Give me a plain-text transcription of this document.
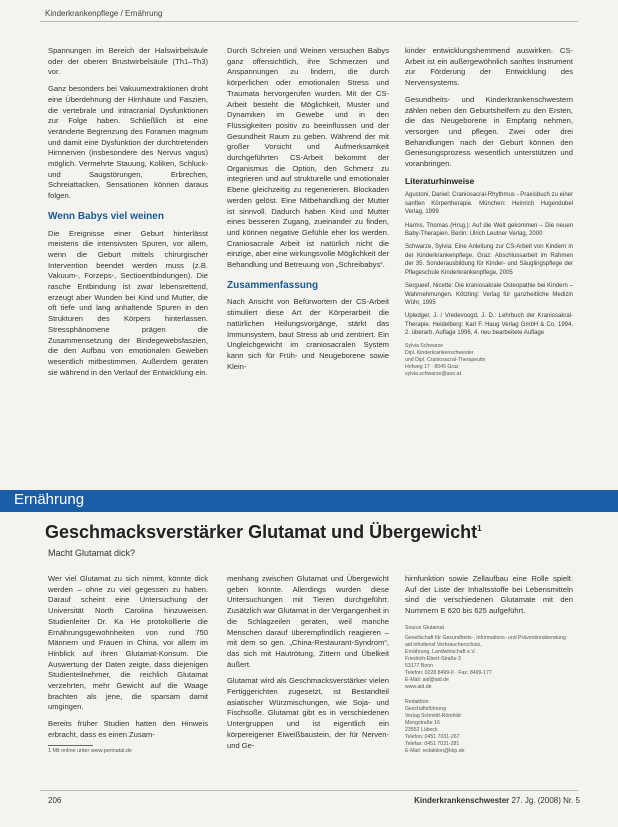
Kinderkrankenpflege / Ernährung

Spannungen im Bereich der Halswirbelsäule oder der oberen Brustwirbelsäule (Th1–Th3) vor.

Ganz besonders bei Vakuumextraktionen droht eine Überdehnung der Hirnhäute und Faszien, die vertebrale und intracranial Dysfunktionen zur Folge haben. Schließlich ist eine veränderte Begrenzung des Foramen magnum und damit eine Dysfunktion der durchtretenden Hirnnerven (insbesondere des Nervus vagus) möglich. Vermehrte Stauung, Koliken, Schluck- und Saugstörungen, Erbrechen, Schreiattacken, Sensationen können daraus folgen.

Wenn Babys viel weinen

Die Ereignisse einer Geburt hinterlässt meistens die intensivsten Spuren, vor allem, wenn die Geburt mittels chirurgischer Intervention beendet werden muss (z.B. Vakuum-, Forzeps-, Sectioentbindungen). Die rasche Entbindung ist zwar lebensrettend, erzeugt aber Wunden bei Kind und Mutter, die oft tiefe und lang anhaltende Spuren in den Strukturen des Körpers hinterlassen. Stressphänomene prägen die Zusammensetzung der Bindegewebsfaszien, die den Aufbau von emotionalen Geweben wesentlich mitbestimmen. Außerdem geraten sie während in den Verlauf der Entwicklung ein.

Durch Schreien und Weinen versuchen Babys ganz offensichtlich, ihre Schmerzen und Anspannungen zu lindern, die durch körperlichen oder emotionalen Stress und Traumata hervorgerufen wurden. Mit der CS-Arbeit besteht die Möglichkeit, Muster und Dynamiken im Gewebe und in den Flüssigkeiten positiv zu beeinflussen und der Gesundheit Raum zu geben. Während der mit großer Vorsicht und Aufmerksamkeit durchgeführten CS-Arbeit bekommt der Organismus die Option, den Schmerz zu integrieren und auf strukturelle und emotionaler Ebene gleichzeitig zu regenerieren. Blockaden werden gelöst. Eine Mitbehandlung der Mutter ist sinnvoll. Dadurch haben Kind und Mutter eines besseren Zugang, zueinander zu finden, und können negative Gefühle eher los werden. Craniosacrale Arbeit ist natürlich nicht die einzige, aber eine wirkungsvolle Möglichkeit der Behandlung und Betreuung von „Schreibabys“.

Zusammenfassung

Nach Ansicht von Befürwortern der CS-Arbeit stimuliert diese Art der Körperarbeit die natürlichen Heilungsvorgänge, stärkt das Immunsystem, baut Stress ab und zentriert. Ein Ungleichgewicht im craniosacralen System kann sich für Früh- und Neugeborene sowie Klein-

kinder entwicklungshemmend auswirken. CS-Arbeit ist ein außergewöhnlich sanftes Instrument zur Förderung der Entwicklung des Nervensystems.

Gesundheits- und Kinderkrankenschwestern zählen neben den Geburtshelfern zu den Ersten, die das Neugeborene in Empfang nehmen, versorgen und pflegen. Zwei oder drei Behandlungen nach der Geburt können den Genesungsprozess wesentlich unterstützen und voranbringen.

Literaturhinweise
Agustoni, Daniel: Craniosacral-Rhythmus - Praxisbuch zu einer sanften Körpertherapie. München: Heinrich Hugendubel Verlag, 1999
Harms, Thomas (Hrsg.): Auf die Welt gekommen – Die neuen Baby-Therapien. Berlin: Ulrich Leutner Verlag, 2000
Schwarze, Sylvia: Eine Anleitung zur CS-Arbeit von Kindern in der Kinderkrankenpflege, Graz: Abschlussarbeit im Rahmen der 35. Sonderausbildung für Kinder- und Säuglingspflege der Pflegeschule Kinderkrankenpflege, 2005
Sergueef, Nicette: Die kraniosakrale Osteopathie bei Kindern – Wahrnehmungen. Kötzting: Verlag für ganzheitliche Medizin Wühr, 1995
Upledger, J. / Vredevoogd, J. D.: Lehrbuch der Kraniosakral-Therapie. Heidelberg: Karl F. Haug Verlag GmbH & Co, 1994, 2. überarb. Auflage 1996, 4. neu bearbeitete Auflage
Sylvia Schwarze
Dipl. Kinderkrankenschwester
und Dipl. Craniosacral-Therapeutin
Hofweg 17 · 8045 Graz
sylvia.schwarze@aon.at
Ernährung
Geschmacksverstärker Glutamat und Übergewicht$^1$
Macht Glutamat dick?

Wer viel Glutamat zu sich nimmt, könnte dick werden – ohne zu viel gegessen zu haben. Darauf scheint eine Untersuchung der Universität North Carolina hinzuweisen. Studienleiter Dr. Ka He protokollierte die Ernährungsgewohnheiten von rund 750 Männern und Frauen in China, vor allem im Hinblick auf ihren Glutamat-Konsum. Die Auswertung der Daten zeigte, dass diejenigen Studienteilnehmer, die reichlich Glutamat verzehrten, mehr Gewicht auf die Waage brachten als jene, die sparsam damit umgingen.

Bereits früher Studien hatten den Hinweis erbracht, dass es einen Zusam-

1 Mit online unter www.perinatal.de

menhang zwischen Glutamat und Übergewicht geben könnte. Allerdings wurden diese Untersuchungen mit Tieren durchgeführt. Zusätzlich war Glutamat in der Vergangenheit in die Schlagzeilen geraten, weil manche Menschen darauf überempfindlich reagieren – mit dem so gen. „China-Restaurant-Syndrom“, das sich mit Hautrötung, Zittern und Übelkeit äußert.

Glutamat wird als Geschmacksverstärker vielen Fertiggerichten zugesetzt, ist Bestandteil asiatischer Würzmischungen, wie Soja- und Fischsoße. Glutamat gibt es in verschiedenen Untergruppen und ist eigentlich ein körpereigener Eiweißbaustein, der für Nerven- und Ge-

hirnfunktion sowie Zellaufbau eine Rolle spielt. Auf der Liste der Inhaltsstoffe bei Lebensmitteln sind die verschiedenen Glutamate mit den Nummern E 620 bis 625 aufgeführt.

Source Glutamat
Gesellschaft für Gesundheits-, Informations- und Präventionsberatung
aid infodienst Verbraucherschutz,
Ernährung, Landwirtschaft e.V.
Friedrich-Ebert-Straße 3
53177 Bonn
Telefon: 0228 8499-0 · Fax: 8499-177
E-Mail: aid@aid.de
www.aid.de
Redaktion:
Geschäftsführung
Verlag Schmidt-Römhild
Mengstraße 16
23552 Lübeck
Telefon: 0451 7031-267
Telefax: 0451 7031-281
E-Mail: redaktion@kkp.de
206	Kinderkrankenschwester 27. Jg. (2008) Nr. 5
